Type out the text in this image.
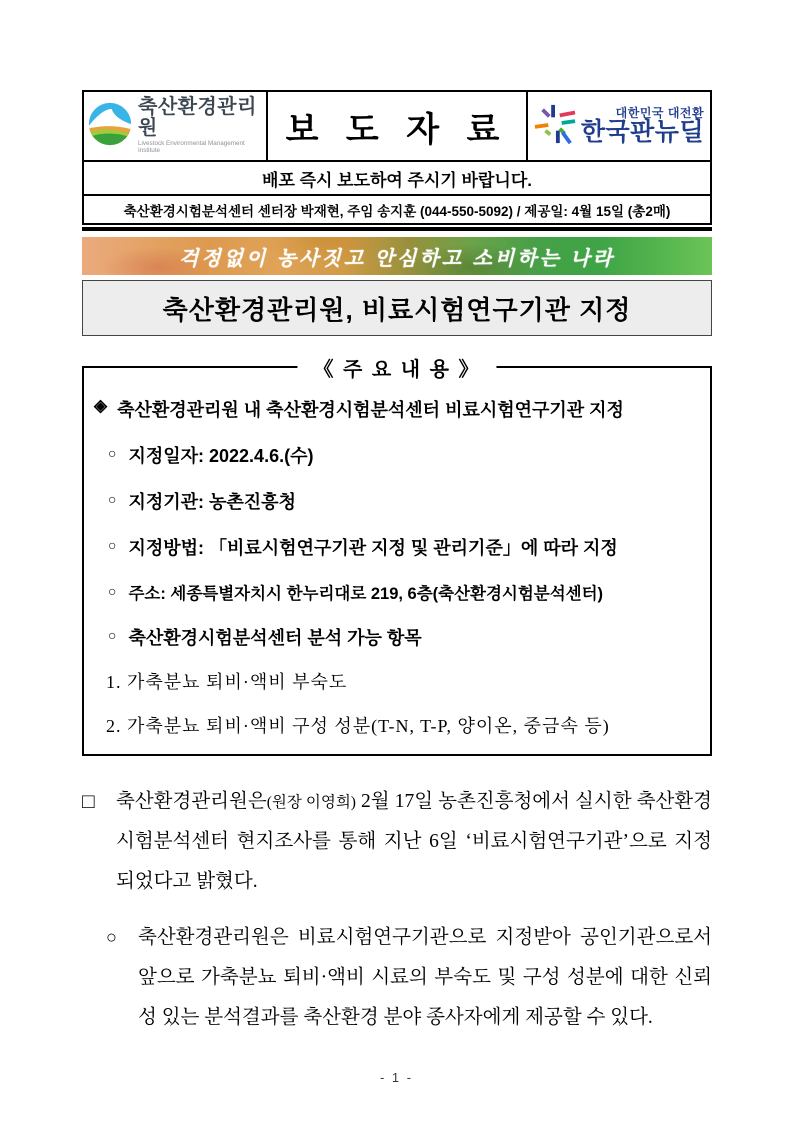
축산환경관리원
Livestock Environmental Management Institute
보 도 자 료	대한민국 대전환
한국판뉴딜
배포 즉시 보도하여 주시기 바랍니다.
축산환경시험분석센터 센터장 박재현, 주임 송지훈 (044-550-5092) / 제공일: 4월 15일 (총2매)
걱정없이 농사짓고 안심하고 소비하는 나라
축산환경관리원, 비료시험연구기관 지정
《 주 요 내 용 》
◈ 축산환경관리원 내 축산환경시험분석센터 비료시험연구기관 지정
○ 지정일자: 2022.4.6.(수)
○ 지정기관: 농촌진흥청
○ 지정방법: 「비료시험연구기관 지정 및 관리기준」에 따라 지정
○ 주소: 세종특별자치시 한누리대로 219, 6층(축산환경시험분석센터)
○ 축산환경시험분석센터 분석 가능 항목
1. 가축분뇨 퇴비·액비 부숙도
2. 가축분뇨 퇴비·액비 구성 성분(T-N, T-P, 양이온, 중금속 등)
□	축산환경관리원은(원장 이영희) 2월 17일 농촌진흥청에서 실시한 축산환경시험분석센터 현지조사를 통해 지난 6일 ‘비료시험연구기관’으로 지정되었다고 밝혔다.
○	축산환경관리원은 비료시험연구기관으로 지정받아 공인기관으로서 앞으로 가축분뇨 퇴비·액비 시료의 부숙도 및 구성 성분에 대한 신뢰성 있는 분석결과를 축산환경 분야 종사자에게 제공할 수 있다.
- 1 -
